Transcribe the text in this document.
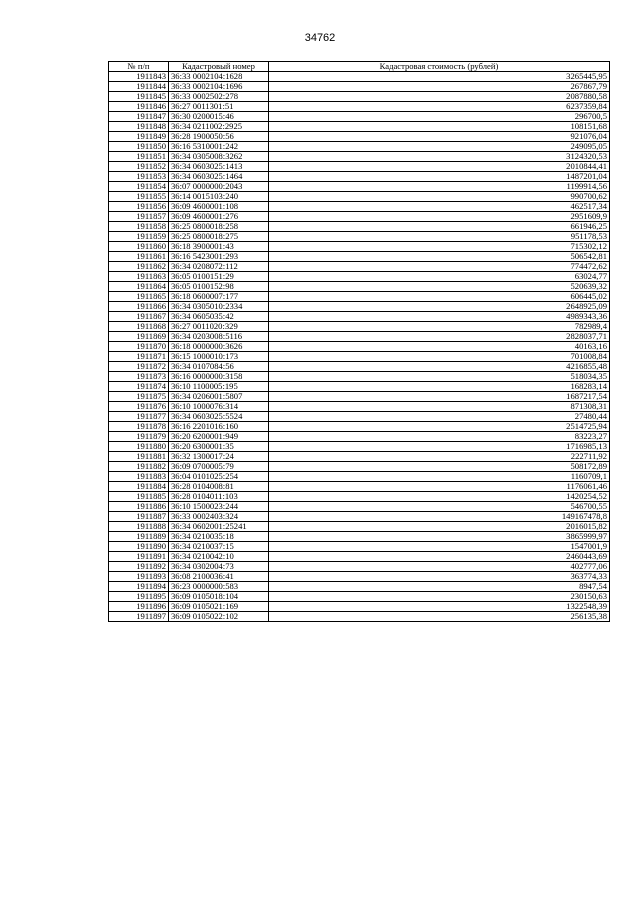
34762
№ п/п	Кадастровый номер	Кадастровая стоимость (рублей)
1911843	36:33 0002104:1628	3265445,95
1911844	36:33 0002104:1696	267867,79
1911845	36:33 0002502:278	2087880,58
1911846	36:27 0011301:51	6237359,84
1911847	36:30 0200015:46	296700,5
1911848	36:34 0211002:2925	108151,68
1911849	36:28 1900050:56	921076,04
1911850	36:16 5310001:242	249095,05
1911851	36:34 0305008:3262	3124320,53
1911852	36:34 0603025:1413	2010844,41
1911853	36:34 0603025:1464	1487201,04
1911854	36:07 0000000:2043	1199914,56
1911855	36:14 0015103:240	990700,62
1911856	36:09 4600001:108	462517,34
1911857	36:09 4600001:276	2951609,9
1911858	36:25 0800018:258	661946,25
1911859	36:25 0800018:275	951178,53
1911860	36:18 3900001:43	715302,12
1911861	36:16 5423001:293	506542,81
1911862	36:34 0208072:112	774472,62
1911863	36:05 0100151:29	63024,77
1911864	36:05 0100152:98	520639,32
1911865	36:18 0600007:177	606445,02
1911866	36:34 0305010:2334	2648925,09
1911867	36:34 0605035:42	4989343,36
1911868	36:27 0011020:329	782989,4
1911869	36:34 0203008:5116	2828037,71
1911870	36:18 0000000:3626	40163,16
1911871	36:15 1000010:173	701008,84
1911872	36:34 0107084:56	4216855,48
1911873	36:16 0000000:3158	518034,35
1911874	36:10 1100005:195	168283,14
1911875	36:34 0206001:5807	1687217,54
1911876	36:10 1000076:314	871308,31
1911877	36:34 0603025:5524	27480,44
1911878	36:16 2201016:160	2514725,94
1911879	36:20 6200001:949	83223,27
1911880	36:20 6300001:35	1716985,13
1911881	36:32 1300017:24	222711,92
1911882	36:09 0700005:79	508172,89
1911883	36:04 0101025:254	1160709,1
1911884	36:28 0104008:81	1176061,46
1911885	36:28 0104011:103	1420254,52
1911886	36:10 1500023:244	546700,55
1911887	36:33 0002403:324	149167478,8
1911888	36:34 0602001:25241	2016015,82
1911889	36:34 0210035:18	3865999,97
1911890	36:34 0210037:15	1547001,9
1911891	36:34 0210042:10	2460443,69
1911892	36:34 0302004:73	402777,06
1911893	36:08 2100036:41	363774,33
1911894	36:23 0000000:583	8947,54
1911895	36:09 0105018:104	230150,63
1911896	36:09 0105021:169	1322548,39
1911897	36:09 0105022:102	256135,38
